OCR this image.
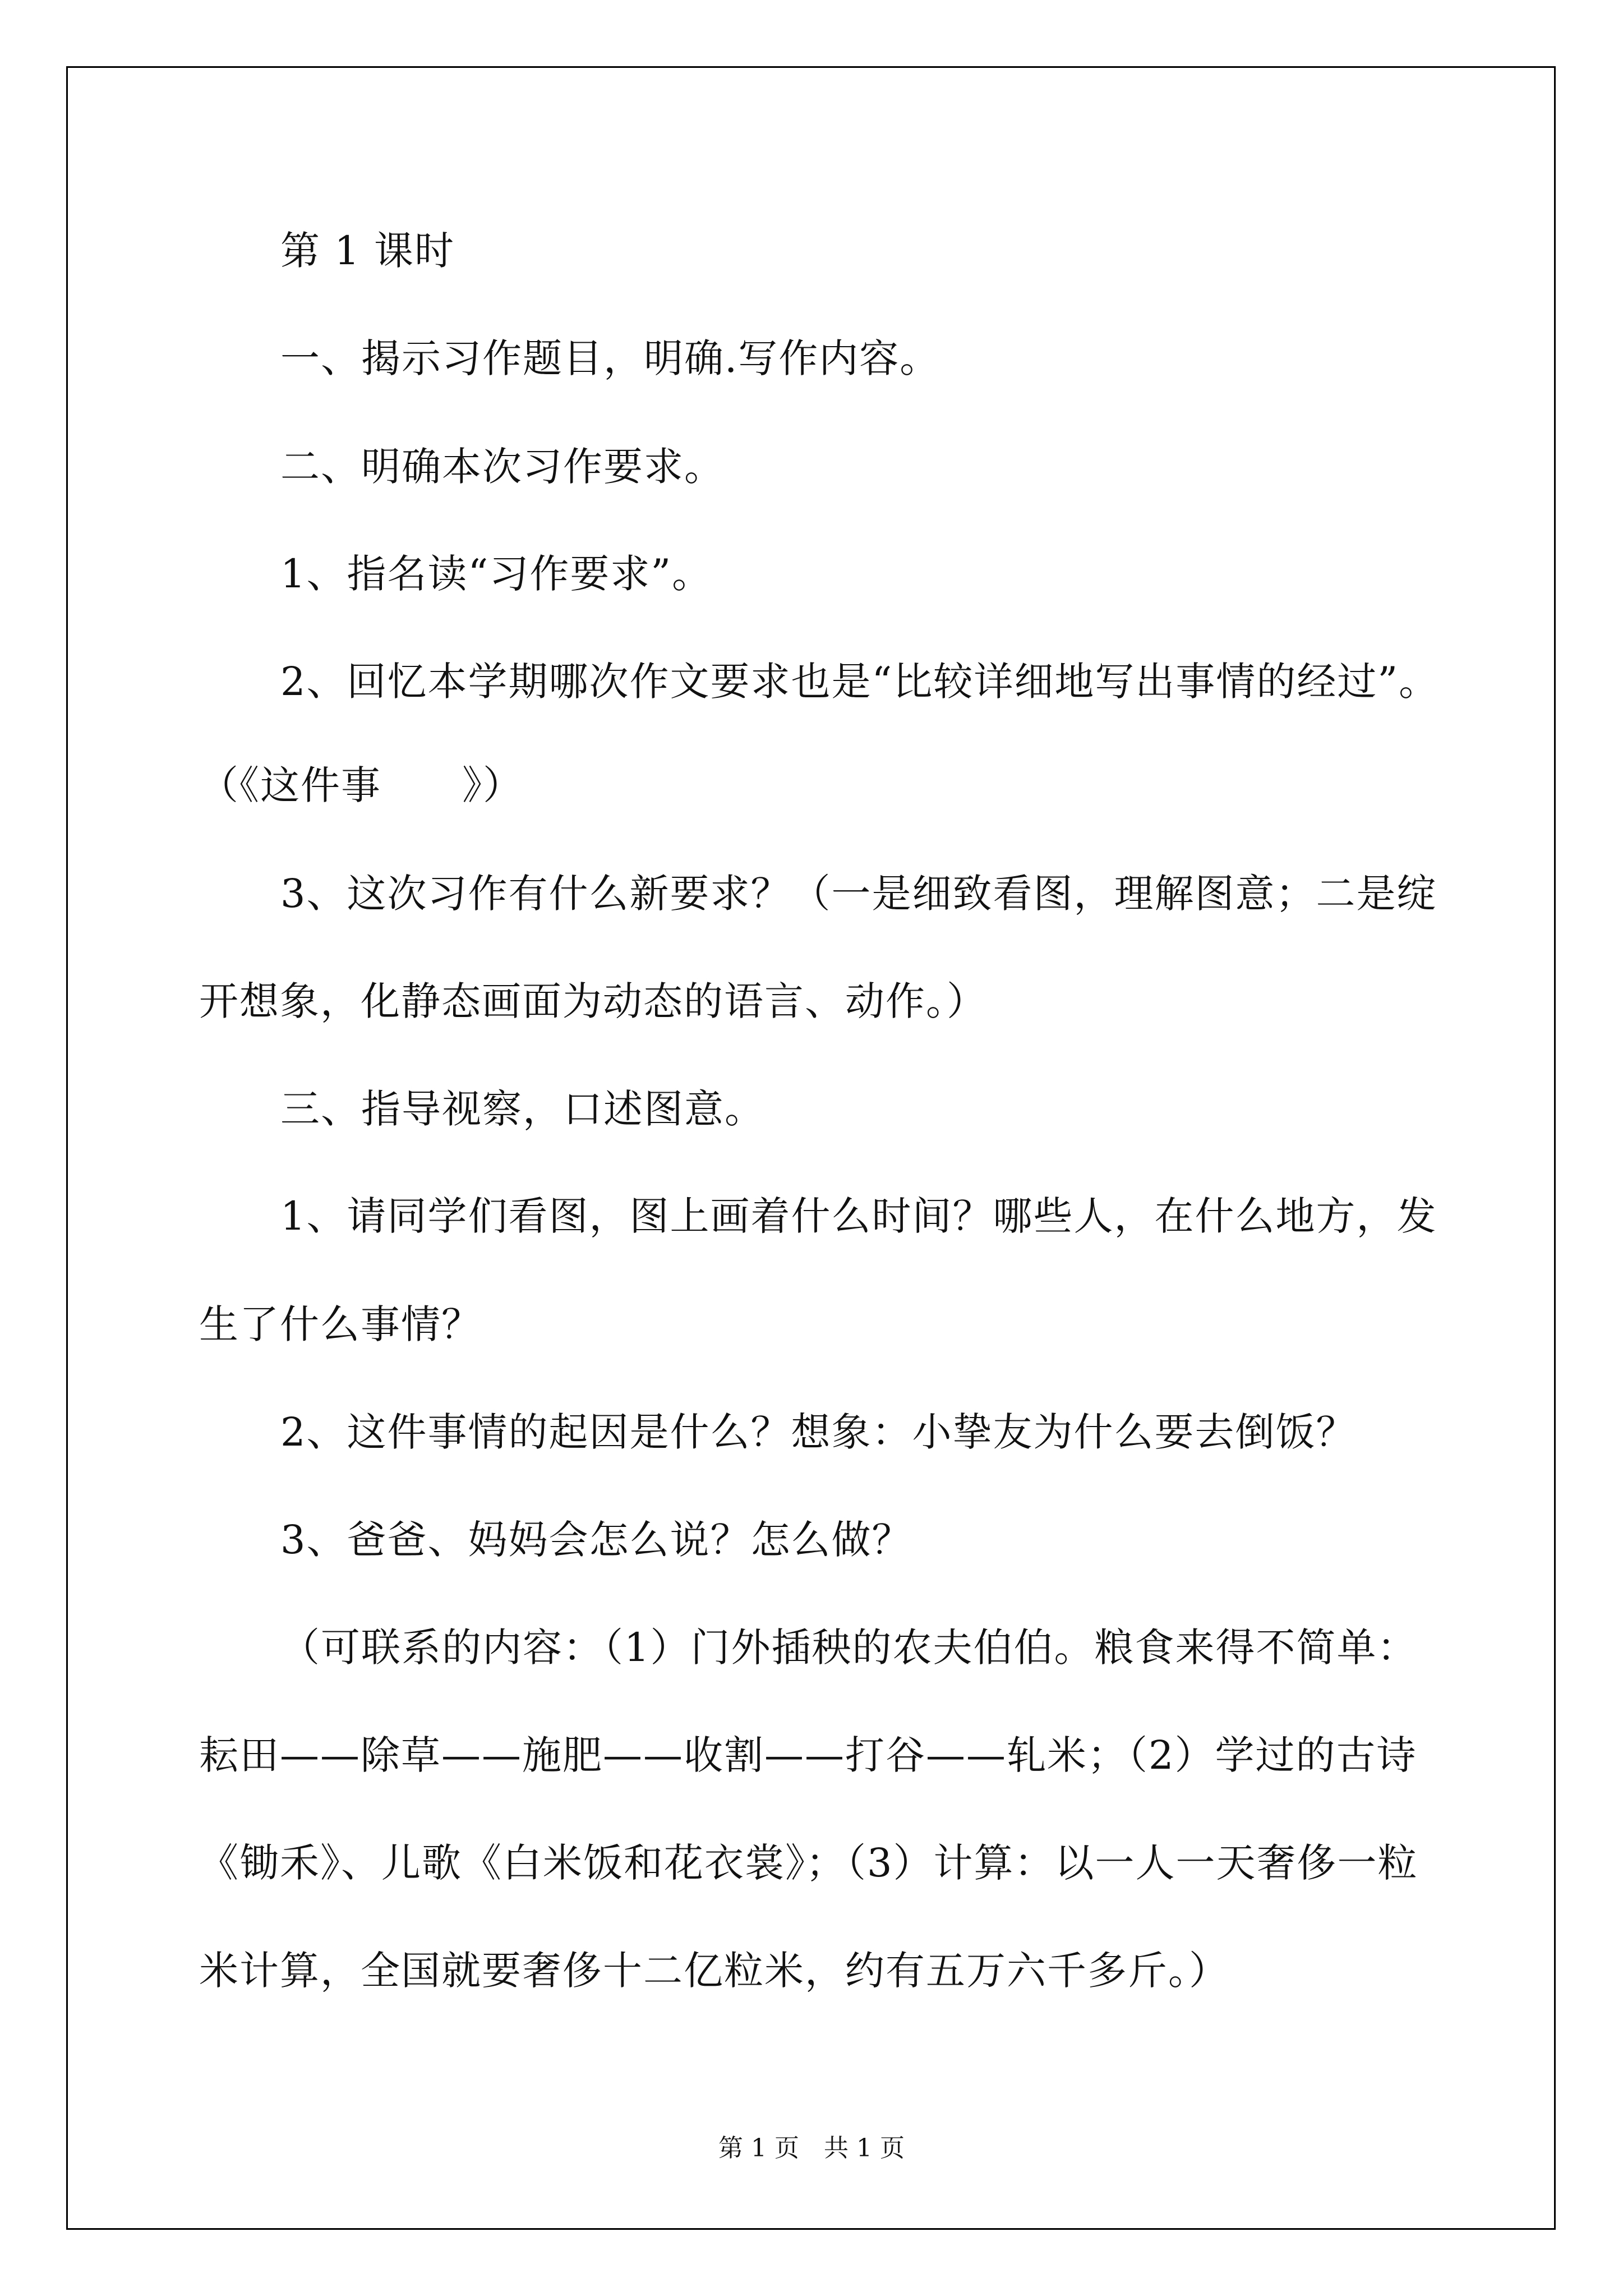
第 1 课时
一、揭示习作题目，明确.写作内容。
二、明确本次习作要求。
1、指名读“习作要求”。
2、回忆本学期哪次作文要求也是“比较详细地写出事情的经过”。
（《这件事　　》）
3、这次习作有什么新要求？（一是细致看图，理解图意；二是绽
开想象，化静态画面为动态的语言、动作。）
三、指导视察，口述图意。
1、请同学们看图，图上画着什么时间？哪些人，在什么地方，发
生了什么事情？
2、这件事情的起因是什么？想象：小挚友为什么要去倒饭？
3、爸爸、妈妈会怎么说？怎么做？
（可联系的内容：（1）门外插秧的农夫伯伯。粮食来得不简单：
耘田——除草——施肥——收割——打谷——轧米；（2）学过的古诗
《锄禾》、儿歌《白米饭和花衣裳》；（3）计算：以一人一天奢侈一粒
米计算，全国就要奢侈十二亿粒米，约有五万六千多斤。）
第 1 页　共 1 页
